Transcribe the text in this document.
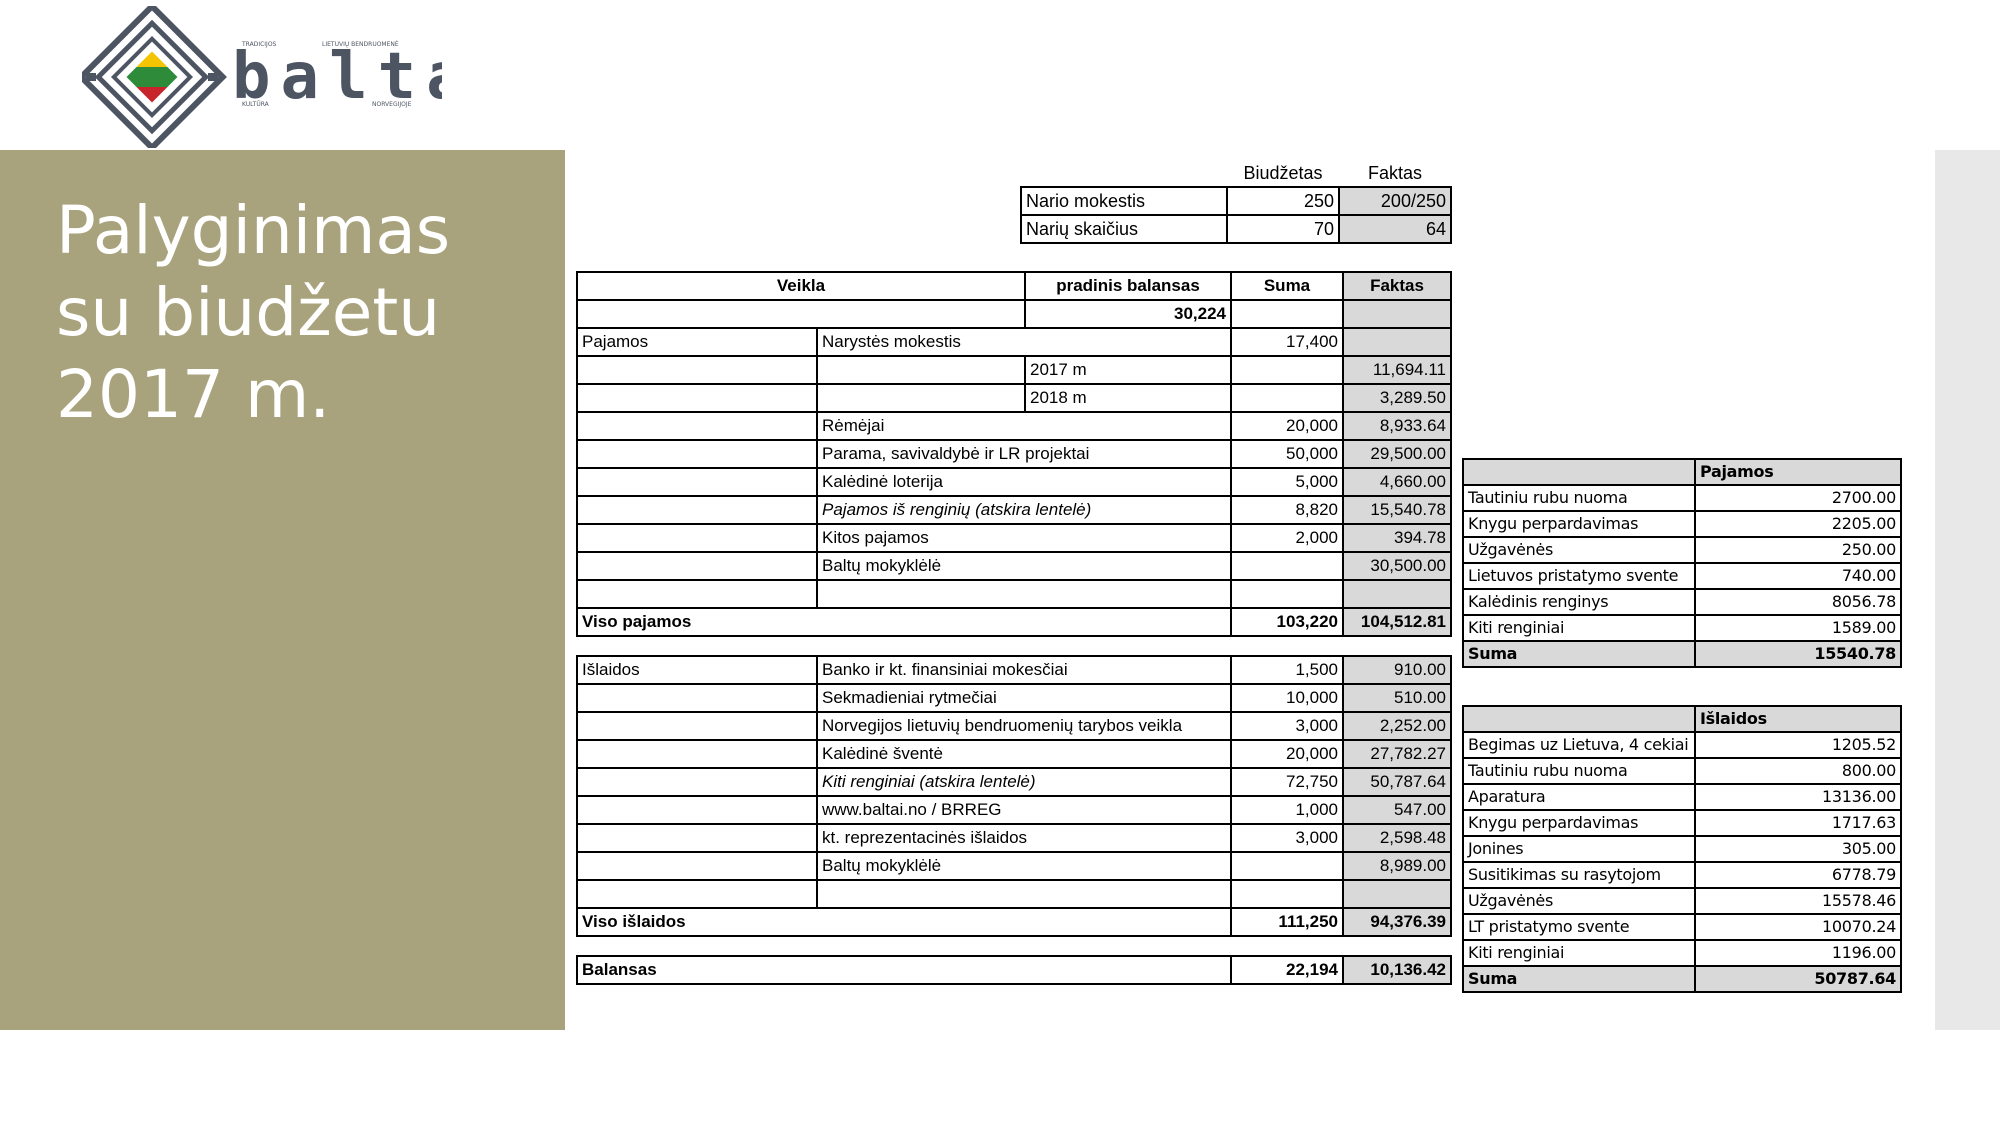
balt
TRADICIJOS
KULTŪRA
LIETUVIŲ BENDRUOMENĖ
NORVEGIJOJE
Palyginimas
su biudžetu
2017 m.
	Biudžetas	Faktas
Nario mokestis	250	200/250
Narių skaičius	70	64
Veikla		pradinis balansas	Suma	Faktas
		30,224		
Pajamos	Narystės mokestis		17,400	
		2017 m		11,694.11
		2018 m		3,289.50
	Rėmėjai		20,000	8,933.64
	Parama, savivaldybė ir LR projektai		50,000	29,500.00
	Kalėdinė loterija		5,000	4,660.00
	Pajamos iš renginių (atskira lentelė)		8,820	15,540.78
	Kitos pajamos		2,000	394.78
	Baltų mokyklėlė			30,500.00

Viso pajamos			103,220	104,512.81

Išlaidos	Banko ir kt. finansiniai mokesčiai		1,500	910.00
	Sekmadieniai rytmečiai		10,000	510.00
	Norvegijos lietuvių bendruomenių tarybos veikla		3,000	2,252.00
	Kalėdinė šventė		20,000	27,782.27
	Kiti renginiai (atskira lentelė)		72,750	50,787.64
	www.baltai.no / BRREG		1,000	547.00
	kt. reprezentacinės išlaidos		3,000	2,598.48
	Baltų mokyklėlė			8,989.00

Viso išlaidos			111,250	94,376.39

Balansas			22,194	10,136.42
	Pajamos
Tautiniu rubu nuoma	2700.00
Knygu perpardavimas	2205.00
Užgavėnės	250.00
Lietuvos pristatymo svente	740.00
Kalėdinis renginys	8056.78
Kiti renginiai	1589.00
Suma	15540.78
	Išlaidos
Begimas uz Lietuva, 4 cekiai	1205.52
Tautiniu rubu nuoma	800.00
Aparatura	13136.00
Knygu perpardavimas	1717.63
Jonines	305.00
Susitikimas su rasytojom	6778.79
Užgavėnės	15578.46
LT pristatymo svente	10070.24
Kiti renginiai	1196.00
Suma	50787.64
